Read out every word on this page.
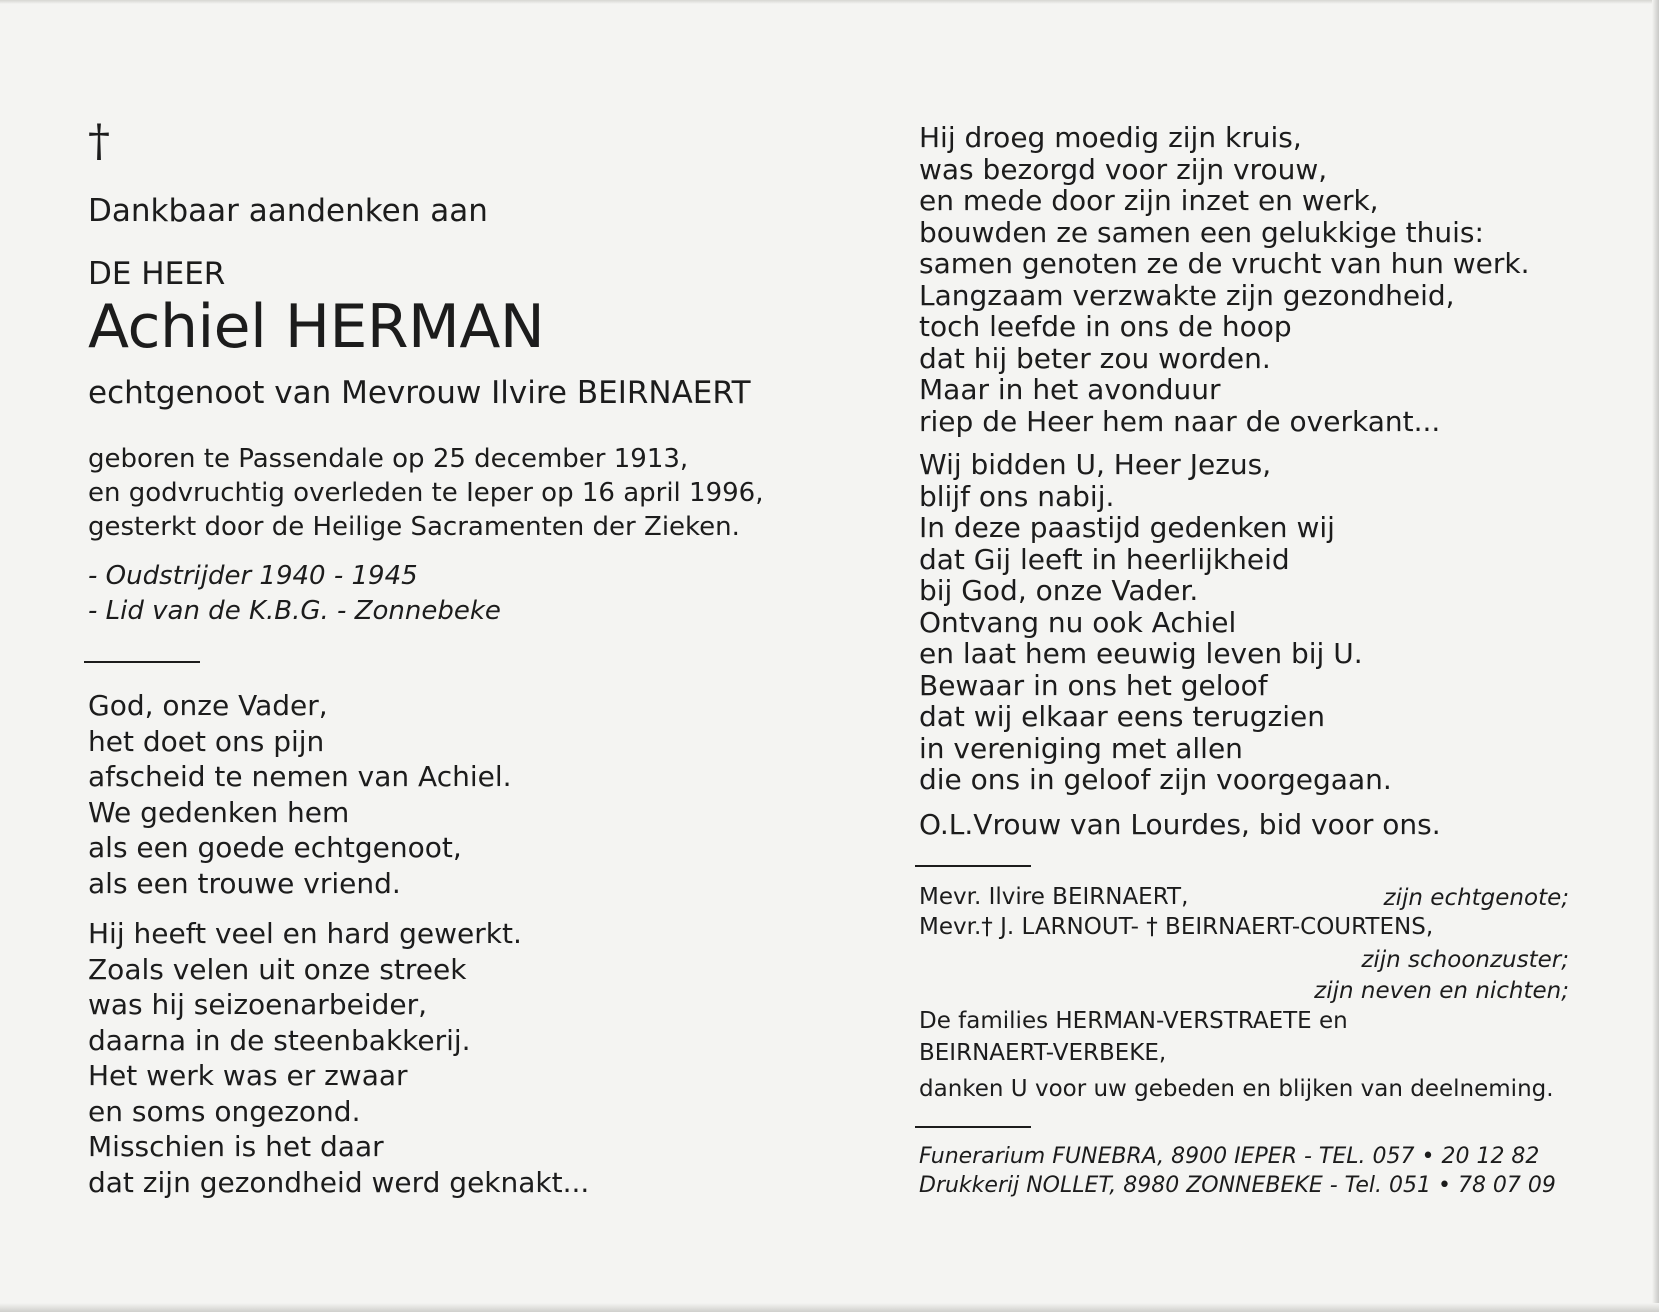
†
Dankbaar aandenken aan
DE HEER
Achiel HERMAN
echtgenoot van Mevrouw Ilvire BEIRNAERT
geboren te Passendale op 25 december 1913,
en godvruchtig overleden te Ieper op 16 april 1996,
gesterkt door de Heilige Sacramenten der Zieken.
- Oudstrijder 1940 - 1945
- Lid van de K.B.G. - Zonnebeke
God, onze Vader,
het doet ons pijn
afscheid te nemen van Achiel.
We gedenken hem
als een goede echtgenoot,
als een trouwe vriend.
Hij heeft veel en hard gewerkt.
Zoals velen uit onze streek
was hij seizoenarbeider,
daarna in de steenbakkerij.
Het werk was er zwaar
en soms ongezond.
Misschien is het daar
dat zijn gezondheid werd geknakt...
Hij droeg moedig zijn kruis,
was bezorgd voor zijn vrouw,
en mede door zijn inzet en werk,
bouwden ze samen een gelukkige thuis:
samen genoten ze de vrucht van hun werk.
Langzaam verzwakte zijn gezondheid,
toch leefde in ons de hoop
dat hij beter zou worden.
Maar in het avonduur
riep de Heer hem naar de overkant...
Wij bidden U, Heer Jezus,
blijf ons nabij.
In deze paastijd gedenken wij
dat Gij leeft in heerlijkheid
bij God, onze Vader.
Ontvang nu ook Achiel
en laat hem eeuwig leven bij U.
Bewaar in ons het geloof
dat wij elkaar eens terugzien
in vereniging met allen
die ons in geloof zijn voorgegaan.
O.L.Vrouw van Lourdes, bid voor ons.
Mevr. Ilvire BEIRNAERT,	zijn echtgenote;
Mevr.† J. LARNOUT- † BEIRNAERT-COURTENS,
zijn schoonzuster;
zijn neven en nichten;
De families HERMAN-VERSTRAETE en
BEIRNAERT-VERBEKE,
danken U voor uw gebeden en blijken van deelneming.
Funerarium FUNEBRA, 8900 IEPER - TEL. 057 • 20 12 82
Drukkerij NOLLET, 8980 ZONNEBEKE - Tel. 051 • 78 07 09
